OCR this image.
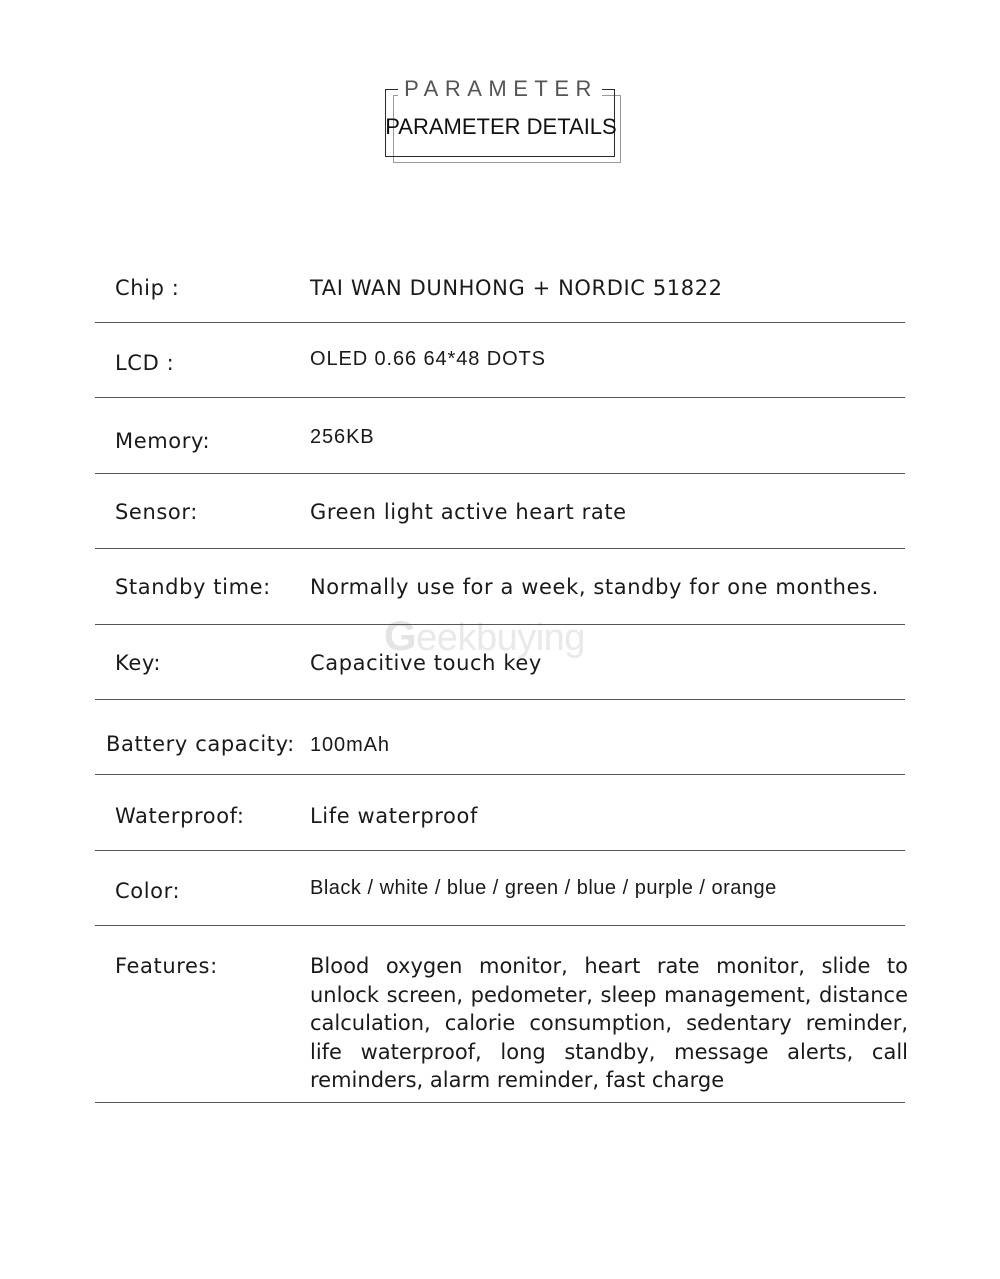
PARAMETER
PARAMETER DETAILS
Geekbuying
Chip :	TAI WAN DUNHONG + NORDIC 51822
LCD :	OLED 0.66 64*48 DOTS
Memory:	256KB
Sensor:	Green light active heart rate
Standby time: Normally use for a week, standby for one monthes.
Key:	Capacitive touch key
Battery capacity: 100mAh
Waterproof:	Life waterproof
Color:	Black / white / blue / green / blue / purple / orange
Features:	Blood oxygen monitor, heart rate monitor, slide to unlock screen, pedometer, sleep management, distance calculation, calorie consumption, sedentary reminder, life waterproof, long standby, message alerts, call reminders, alarm reminder, fast charge
